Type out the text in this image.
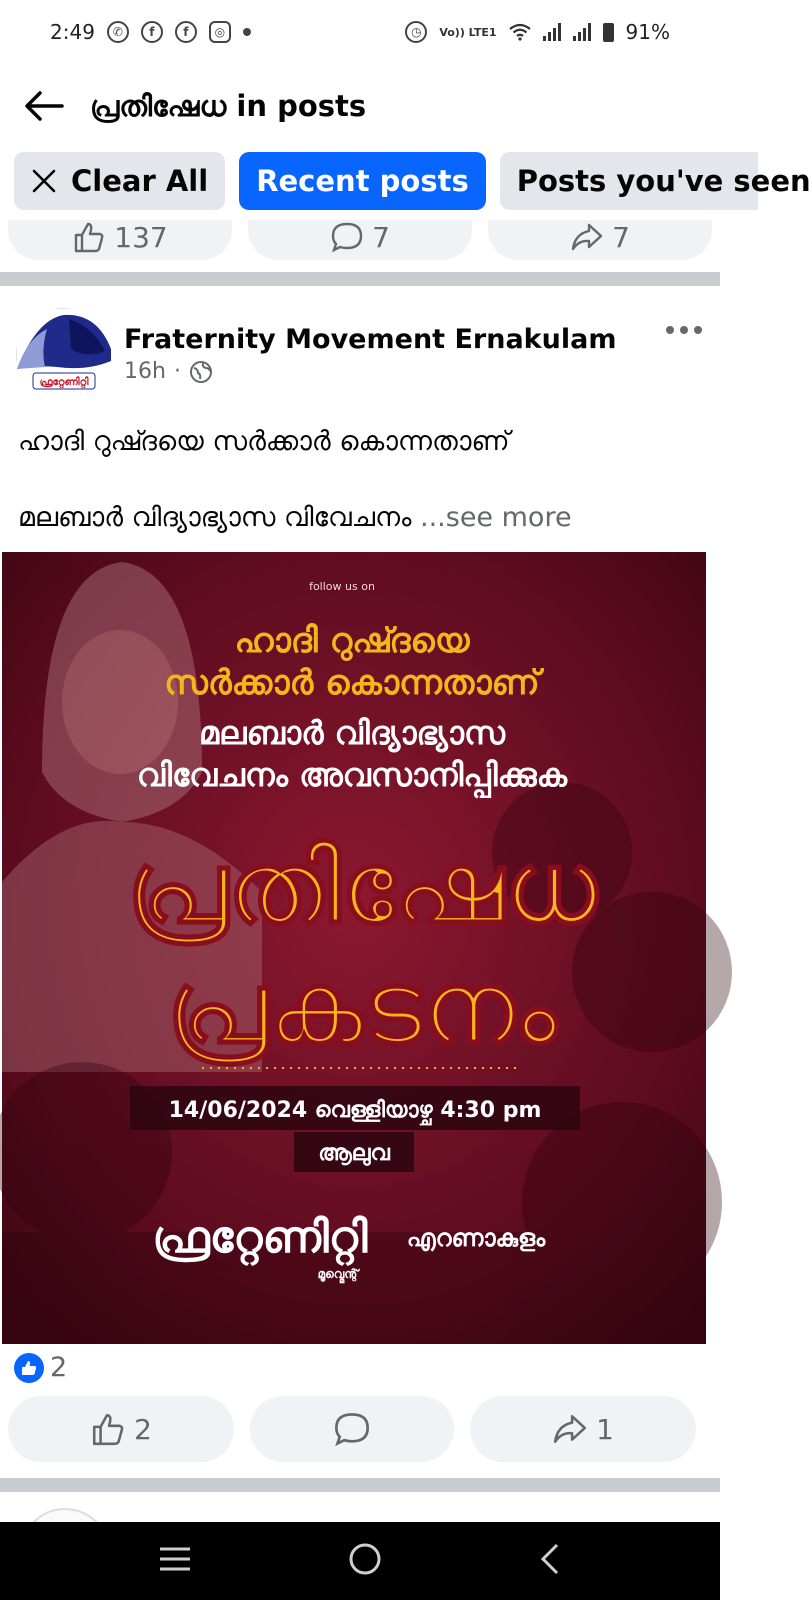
2:49	✆	f	f	◎	◷	Vo)) LTE1	91%
പ്രതിഷേധ in posts
Clear All Recent posts Posts you've seen
137	7	7
ഫ്രറ്റേണിറ്റി
Fraternity Movement Ernakulam
16h ·
ഹാദി റുഷ്ദയെ സർക്കാർ കൊന്നതാണ്
മലബാർ വിദ്യാഭ്യാസ വിവേചനം ...see more
follow us on
ഹാദി റുഷ്ദയെ
സർക്കാർ കൊന്നതാണ്
മലബാർ വിദ്യാഭ്യാസ
വിവേചനം അവസാനിപ്പിക്കുക
പ്രതിഷേധ
പ്രകടനം
14/06/2024 വെള്ളിയാഴ്ച 4:30 pm
ആലുവ
ഫ്രറ്റേണിറ്റി
മൂവ്മെന്റ്
എറണാകുളം
2
2	1
